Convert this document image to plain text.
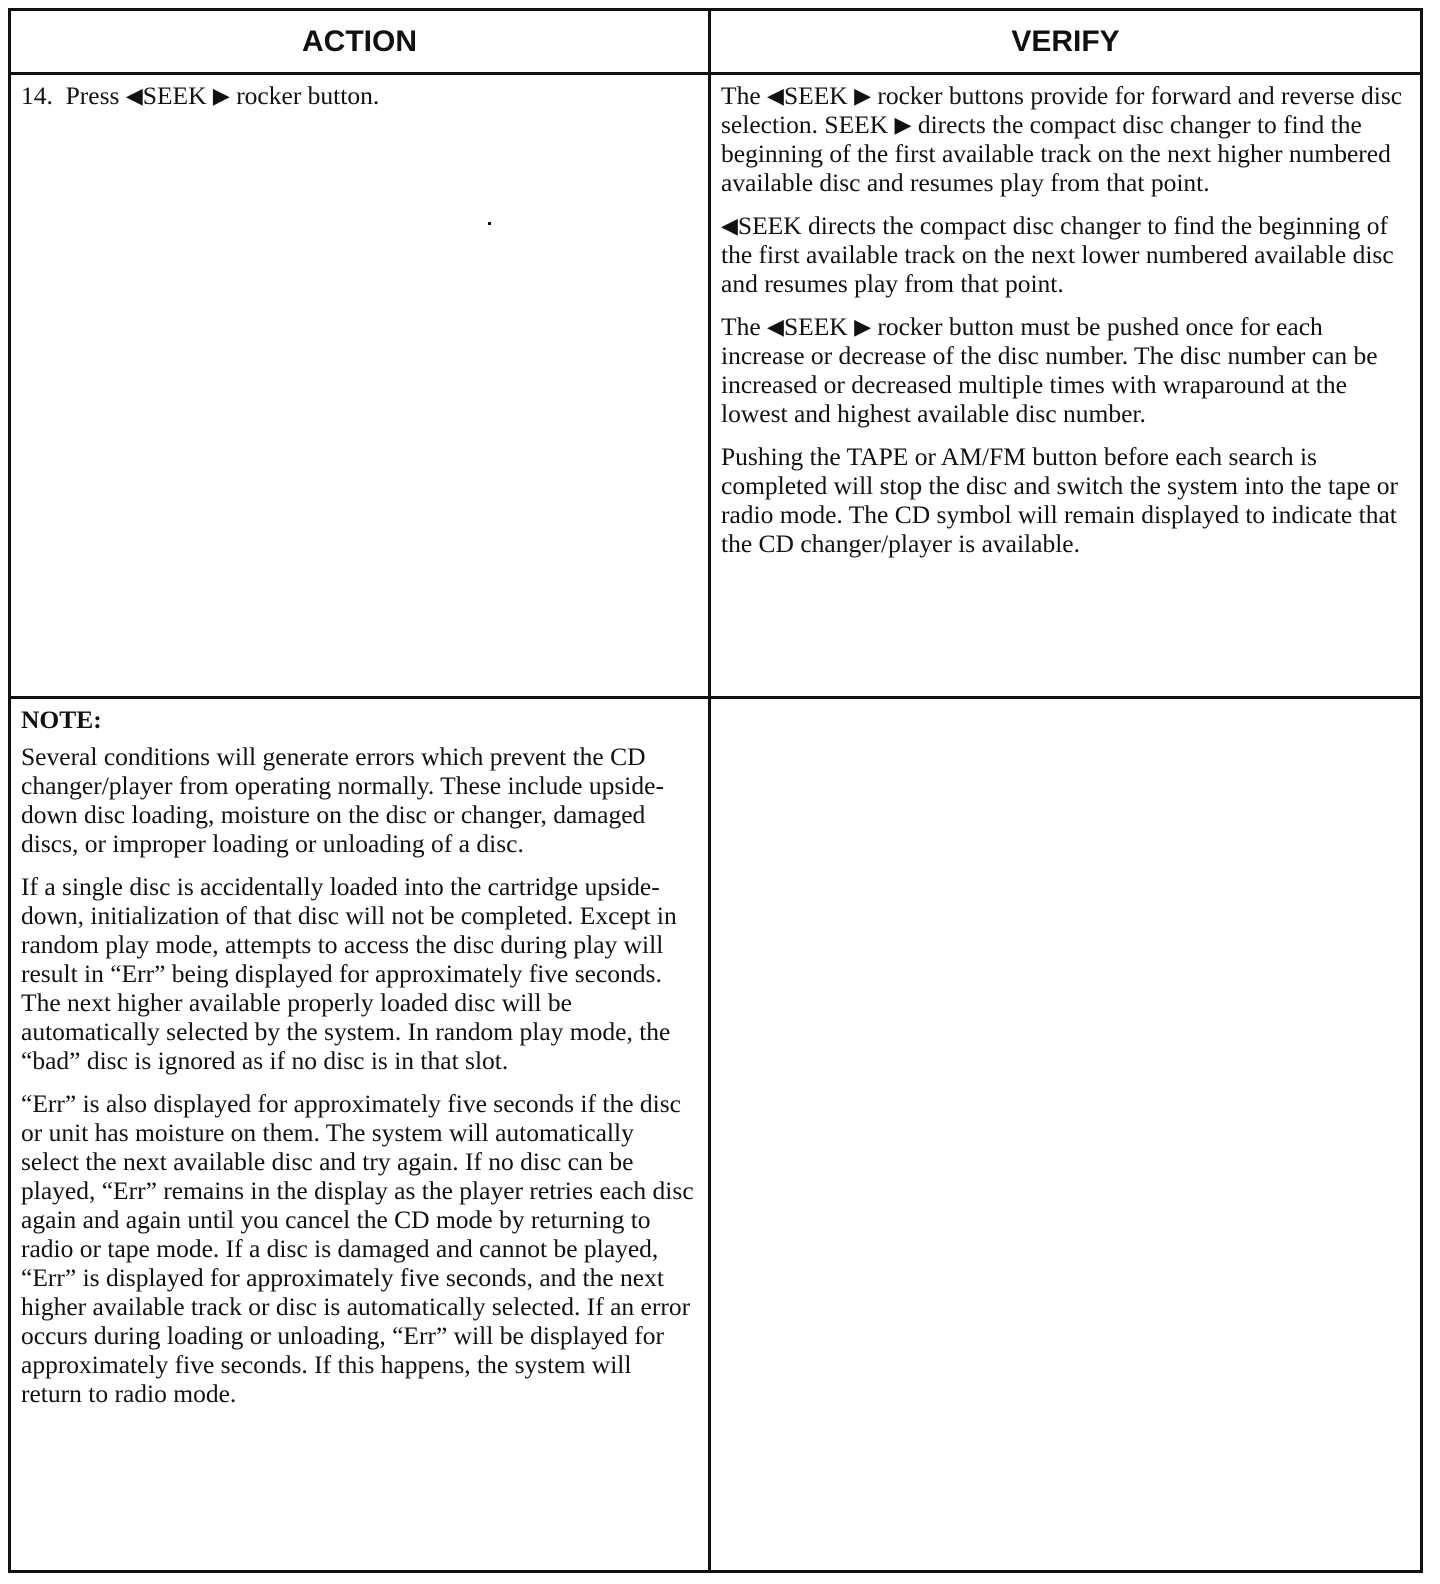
ACTION	VERIFY

14. Press ◀SEEK ▶ rocker button.	The ◀SEEK ▶ rocker buttons provide for forward and reverse disc selection. SEEK ▶ directs the compact disc changer to find the beginning of the first available track on the next higher numbered available disc and resumes play from that point.

◀SEEK directs the compact disc changer to find the beginning of the first available track on the next lower numbered available disc and resumes play from that point.

The ◀SEEK ▶ rocker button must be pushed once for each increase or decrease of the disc number. The disc number can be increased or decreased multiple times with wraparound at the lowest and highest available disc number.

Pushing the TAPE or AM/FM button before each search is completed will stop the disc and switch the system into the tape or radio mode. The CD symbol will remain displayed to indicate that the CD changer/player is available.

NOTE:

Several conditions will generate errors which prevent the CD changer/player from operating normally. These include upside-down disc loading, moisture on the disc or changer, damaged discs, or improper loading or unloading of a disc.

If a single disc is accidentally loaded into the cartridge upside-down, initialization of that disc will not be completed. Except in random play mode, attempts to access the disc during play will result in “Err” being displayed for approximately five seconds. The next higher available properly loaded disc will be automatically selected by the system. In random play mode, the “bad” disc is ignored as if no disc is in that slot.

“Err” is also displayed for approximately five seconds if the disc or unit has moisture on them. The system will automatically select the next available disc and try again. If no disc can be played, “Err” remains in the display as the player retries each disc again and again until you cancel the CD mode by returning to radio or tape mode. If a disc is damaged and cannot be played, “Err” is displayed for approximately five seconds, and the next higher available track or disc is automatically selected. If an error occurs during loading or unloading, “Err” will be displayed for approximately five seconds. If this happens, the system will return to radio mode.
